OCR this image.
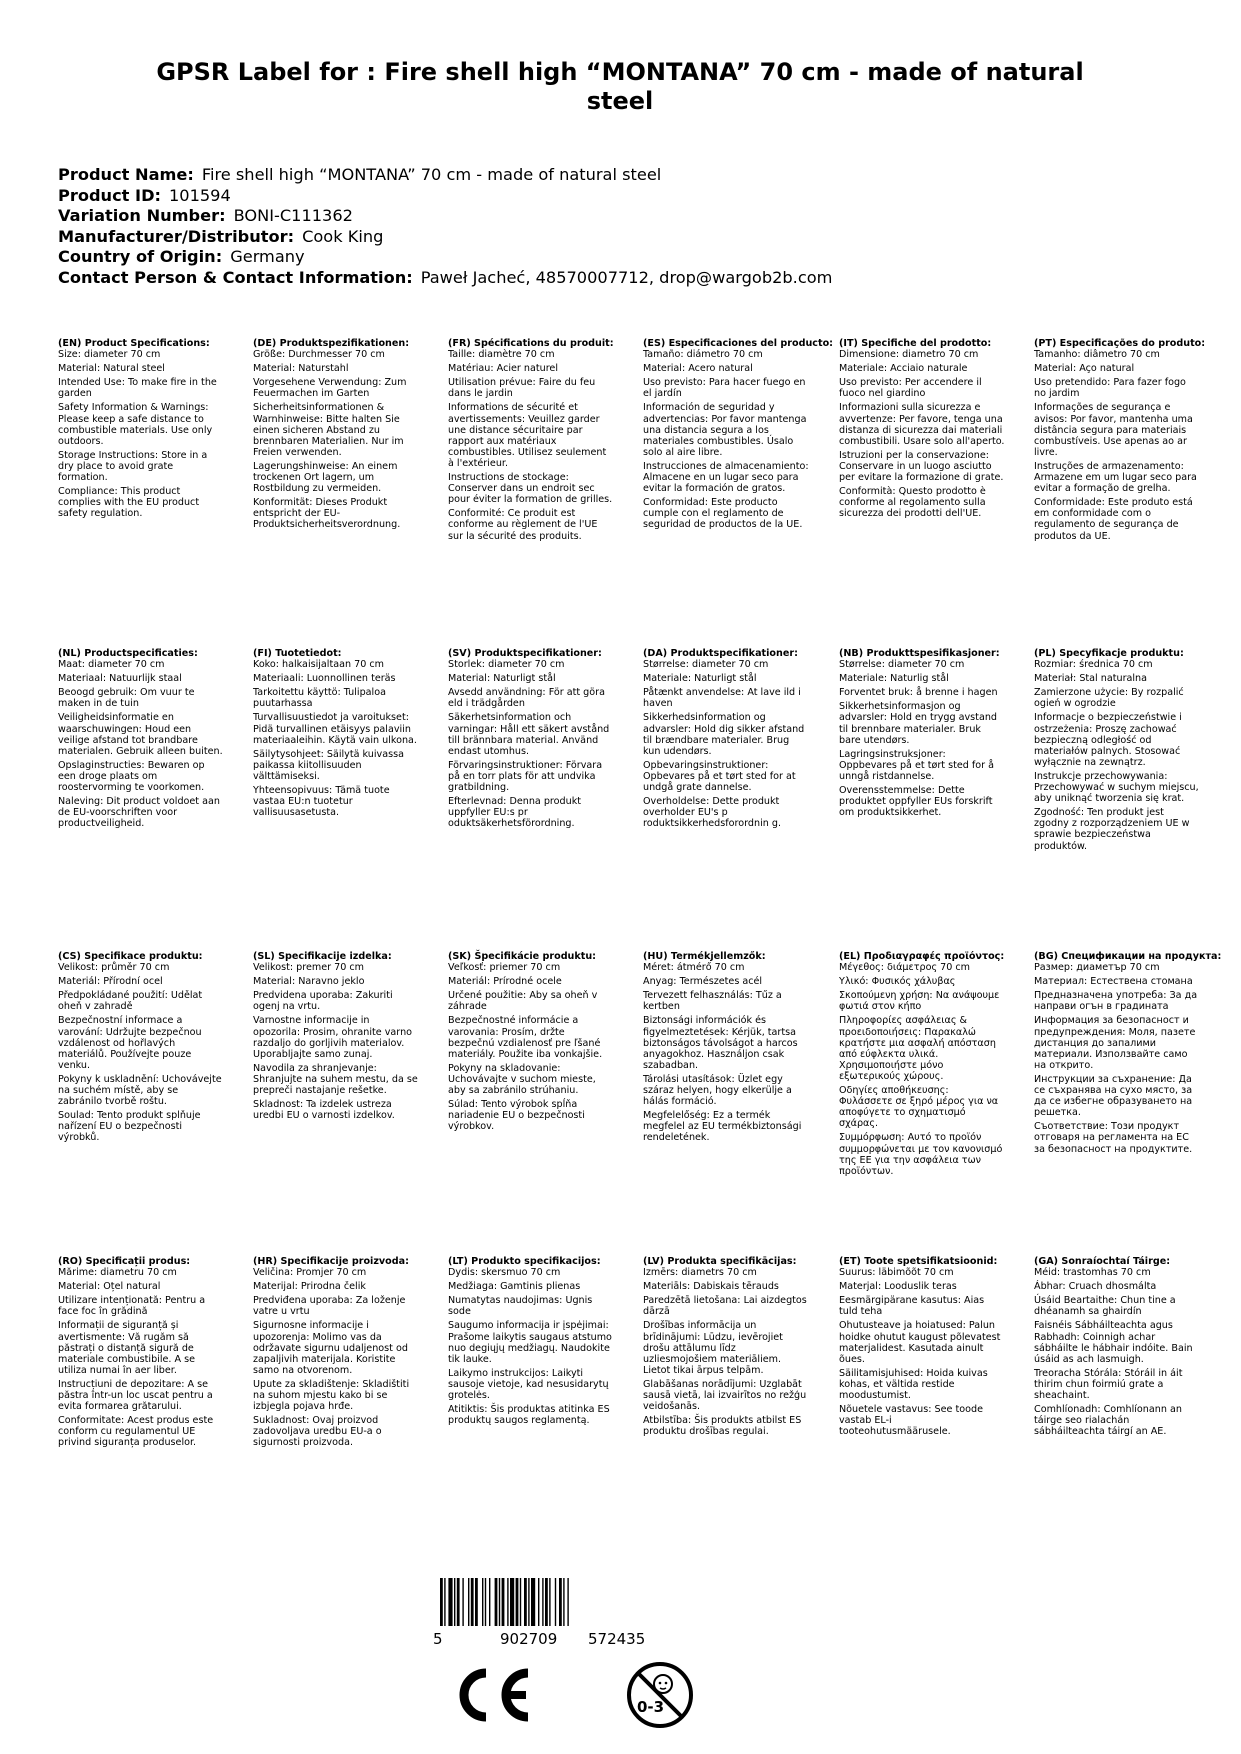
GPSR Label for : Fire shell high “MONTANA” 70 cm - made of natural steel
Product Name: Fire shell high “MONTANA” 70 cm - made of natural steel
Product ID: 101594
Variation Number: BONI-C111362
Manufacturer/Distributor: Cook King
Country of Origin: Germany
Contact Person & Contact Information: Paweł Jacheć, 48570007712, drop@wargob2b.com
(EN) Product Specifications:

Size: diameter 70 cm

Material: Natural steel

Intended Use: To make fire in the garden

Safety Information & Warnings: Please keep a safe distance to combustible materials. Use only outdoors.

Storage Instructions: Store in a dry place to avoid grate formation.

Compliance: This product complies with the EU product safety regulation.

(DE) Produktspezifikationen:

Größe: Durchmesser 70 cm

Material: Naturstahl

Vorgesehene Verwendung: Zum Feuermachen im Garten

Sicherheitsinformationen & Warnhinweise: Bitte halten Sie einen sicheren Abstand zu brennbaren Materialien. Nur im Freien verwenden.

Lagerungshinweise: An einem trockenen Ort lagern, um Rostbildung zu vermeiden.

Konformität: Dieses Produkt entspricht der EU-Produktsicherheitsverordnung.

(FR) Spécifications du produit:

Taille: diamètre 70 cm

Matériau: Acier naturel

Utilisation prévue: Faire du feu dans le jardin

Informations de sécurité et avertissements: Veuillez garder une distance sécuritaire par rapport aux matériaux combustibles. Utilisez seulement à l'extérieur.

Instructions de stockage: Conserver dans un endroit sec pour éviter la formation de grilles.

Conformité: Ce produit est conforme au règlement de l'UE sur la sécurité des produits.

(ES) Especificaciones del producto:

Tamaño: diámetro 70 cm

Material: Acero natural

Uso previsto: Para hacer fuego en el jardín

Información de seguridad y advertencias: Por favor mantenga una distancia segura a los materiales combustibles. Úsalo solo al aire libre.

Instrucciones de almacenamiento: Almacene en un lugar seco para evitar la formación de gratos.

Conformidad: Este producto cumple con el reglamento de seguridad de productos de la UE.

(IT) Specifiche del prodotto:

Dimensione: diametro 70 cm

Materiale: Acciaio naturale

Uso previsto: Per accendere il fuoco nel giardino

Informazioni sulla sicurezza e avvertenze: Per favore, tenga una distanza di sicurezza dai materiali combustibili. Usare solo all'aperto.

Istruzioni per la conservazione: Conservare in un luogo asciutto per evitare la formazione di grate.

Conformità: Questo prodotto è conforme al regolamento sulla sicurezza dei prodotti dell'UE.

(PT) Especificações do produto:

Tamanho: diâmetro 70 cm

Material: Aço natural

Uso pretendido: Para fazer fogo no jardim

Informações de segurança e avisos: Por favor, mantenha uma distância segura para materiais combustíveis. Use apenas ao ar livre.

Instruções de armazenamento: Armazene em um lugar seco para evitar a formação de grelha.

Conformidade: Este produto está em conformidade com o regulamento de segurança de produtos da UE.

(NL) Productspecificaties:

Maat: diameter 70 cm

Materiaal: Natuurlijk staal

Beoogd gebruik: Om vuur te maken in de tuin

Veiligheidsinformatie en waarschuwingen: Houd een veilige afstand tot brandbare materialen. Gebruik alleen buiten.

Opslaginstructies: Bewaren op een droge plaats om roostervorming te voorkomen.

Naleving: Dit product voldoet aan de EU-voorschriften voor productveiligheid.

(FI) Tuotetiedot:

Koko: halkaisijaltaan 70 cm

Materiaali: Luonnollinen teräs

Tarkoitettu käyttö: Tulipaloa puutarhassa

Turvallisuustiedot ja varoitukset: Pidä turvallinen etäisyys palaviin materiaaleihin. Käytä vain ulkona.

Säilytysohjeet: Säilytä kuivassa paikassa kiitollisuuden välttämiseksi.

Yhteensopivuus: Tämä tuote vastaa EU:n tuotetur vallisuusasetusta.

(SV) Produktspecifikationer:

Storlek: diameter 70 cm

Material: Naturligt stål

Avsedd användning: För att göra eld i trädgården

Säkerhetsinformation och varningar: Håll ett säkert avstånd till brännbara material. Använd endast utomhus.

Förvaringsinstruktioner: Förvara på en torr plats för att undvika gratbildning.

Efterlevnad: Denna produkt uppfyller EU:s pr oduktsäkerhetsförordning.

(DA) Produktspecifikationer:

Størrelse: diameter 70 cm

Materiale: Naturligt stål

Påtænkt anvendelse: At lave ild i haven

Sikkerhedsinformation og advarsler: Hold dig sikker afstand til brændbare materialer. Brug kun udendørs.

Opbevaringsinstruktioner: Opbevares på et tørt sted for at undgå grate dannelse.

Overholdelse: Dette produkt overholder EU's p roduktsikkerhedsforordnin g.

(NB) Produkttspesifikasjoner:

Størrelse: diameter 70 cm

Materiale: Naturlig stål

Forventet bruk: å brenne i hagen

Sikkerhetsinformasjon og advarsler: Hold en trygg avstand til brennbare materialer. Bruk bare utendørs.

Lagringsinstruksjoner: Oppbevares på et tørt sted for å unngå ristdannelse.

Overensstemmelse: Dette produktet oppfyller EUs forskrift om produktsikkerhet.

(PL) Specyfikacje produktu:

Rozmiar: średnica 70 cm

Materiał: Stal naturalna

Zamierzone użycie: By rozpalić ogień w ogrodzie

Informacje o bezpieczeństwie i ostrzeżenia: Proszę zachować bezpieczną odległość od materiałów palnych. Stosować wyłącznie na zewnątrz.

Instrukcje przechowywania: Przechowywać w suchym miejscu, aby uniknąć tworzenia się krat.

Zgodność: Ten produkt jest zgodny z rozporządzeniem UE w sprawie bezpieczeństwa produktów.

(CS) Specifikace produktu:

Velikost: průměr 70 cm

Materiál: Přírodní ocel

Předpokládané použití: Udělat oheň v zahradě

Bezpečnostní informace a varování: Udržujte bezpečnou vzdálenost od hořlavých materiálů. Používejte pouze venku.

Pokyny k uskladnění: Uchovávejte na suchém místě, aby se zabránilo tvorbě roštu.

Soulad: Tento produkt splňuje nařízení EU o bezpečnosti výrobků.

(SL) Specifikacije izdelka:

Velikost: premer 70 cm

Material: Naravno jeklo

Predvidena uporaba: Zakuriti ogenj na vrtu.

Varnostne informacije in opozorila: Prosim, ohranite varno razdaljo do gorljivih materialov. Uporabljajte samo zunaj.

Navodila za shranjevanje: Shranjujte na suhem mestu, da se prepreči nastajanje rešetke.

Skladnost: Ta izdelek ustreza uredbi EU o varnosti izdelkov.

(SK) Špecifikácie produktu:

Veľkosť: priemer 70 cm

Materiál: Prírodné ocele

Určené použitie: Aby sa oheň v záhrade

Bezpečnostné informácie a varovania: Prosím, držte bezpečnú vzdialenosť pre ľšané materiály. Použite iba vonkajšie.

Pokyny na skladovanie: Uchovávajte v suchom mieste, aby sa zabránilo strúhaniu.

Súlad: Tento výrobok spĺňa nariadenie EU o bezpečnosti výrobkov.

(HU) Termékjellemzők:

Méret: átmérő 70 cm

Anyag: Természetes acél

Tervezett felhasználás: Tűz a kertben

Biztonsági információk és figyelmeztetések: Kérjük, tartsa biztonságos távolságot a harcos anyagokhoz. Használjon csak szabadban.

Tárolási utasítások: Üzlet egy száraz helyen, hogy elkerülje a hálás formáció.

Megfelelőség: Ez a termék megfelel az EU termékbiztonsági rendeletének.

(EL) Προδιαγραφές προϊόντος:

Μέγεθος: διάμετρος 70 cm

Υλικό: Φυσικός χάλυβας

Σκοπούμενη χρήση: Να ανάψουμε φωτιά στον κήπο

Πληροφορίες ασφάλειας & προειδοποιήσεις: Παρακαλώ κρατήστε μια ασφαλή απόσταση από εύφλεκτα υλικά. Χρησιμοποιήστε μόνο εξωτερικούς χώρους.

Οδηγίες αποθήκευσης: Φυλάσσετε σε ξηρό μέρος για να αποφύγετε το σχηματισμό σχάρας.

Συμμόρφωση: Αυτό το προϊόν συμμορφώνεται με τον κανονισμό της ΕΕ για την ασφάλεια των προϊόντων.

(BG) Спецификации на продукта:

Размер: диаметър 70 cm

Материал: Естествена стомана

Предназначена употреба: За да направи огън в градината

Информация за безопасност и предупреждения: Моля, пазете дистанция до запалими материали. Използвайте само на открито.

Инструкции за съхранение: Да се съхранява на сухо място, за да се избегне образуването на решетка.

Съответствие: Този продукт отговаря на регламента на ЕС за безопасност на продуктите.

(RO) Specificații produs:

Mărime: diametru 70 cm

Material: Oțel natural

Utilizare intenționată: Pentru a face foc în grădină

Informații de siguranță și avertismente: Vă rugăm să păstrați o distanță sigură de materiale combustibile. A se utiliza numai în aer liber.

Instrucțiuni de depozitare: A se păstra într-un loc uscat pentru a evita formarea grătarului.

Conformitate: Acest produs este conform cu regulamentul UE privind siguranța produselor.

(HR) Specifikacije proizvoda:

Veličina: Promjer 70 cm

Materijal: Prirodna čelik

Predviđena uporaba: Za loženje vatre u vrtu

Sigurnosne informacije i upozorenja: Molimo vas da održavate sigurnu udaljenost od zapaljivih materijala. Koristite samo na otvorenom.

Upute za skladištenje: Skladištiti na suhom mjestu kako bi se izbjegla pojava hrđe.

Sukladnost: Ovaj proizvod zadovoljava uredbu EU-a o sigurnosti proizvoda.

(LT) Produkto specifikacijos:

Dydis: skersmuo 70 cm

Medžiaga: Gamtinis plienas

Numatytas naudojimas: Ugnis sode

Saugumo informacija ir įspėjimai: Prašome laikytis saugaus atstumo nuo degiųjų medžiagų. Naudokite tik lauke.

Laikymo instrukcijos: Laikyti sausoje vietoje, kad nesusidarytų grotelės.

Atitiktis: Šis produktas atitinka ES produktų saugos reglamentą.

(LV) Produkta specifikācijas:

Izmērs: diametrs 70 cm

Materiāls: Dabiskais tērauds

Paredzētā lietošana: Lai aizdegtos dārzā

Drošības informācija un brīdinājumi: Lūdzu, ievērojiet drošu attālumu līdz uzliesmojošiem materiāliem. Lietot tikai ārpus telpām.

Glabāšanas norādījumi: Uzglabāt sausā vietā, lai izvairītos no režģu veidošanās.

Atbilstība: Šis produkts atbilst ES produktu drošības regulai.

(ET) Toote spetsifikatsioonid:

Suurus: läbimõõt 70 cm

Materjal: Looduslik teras

Eesmärgipärane kasutus: Aias tuld teha

Ohutusteave ja hoiatused: Palun hoidke ohutut kaugust põlevatest materjalidest. Kasutada ainult õues.

Säilitamisjuhised: Hoida kuivas kohas, et vältida restide moodustumist.

Nõuetele vastavus: See toode vastab EL-i tooteohutusmäärusele.

(GA) Sonraíochtaí Táirge:

Méid: trastomhas 70 cm

Ábhar: Cruach dhosmálta

Úsáid Beartaithe: Chun tine a dhéanamh sa ghairdín

Faisnéis Sábháilteachta agus Rabhadh: Coinnigh achar sábháilte le hábhair indóite. Bain úsáid as ach lasmuigh.

Treoracha Stórála: Stóráil in áit thirim chun foirmiú grate a sheachaint.

Comhlíonadh: Comhlíonann an táirge seo rialachán sábháilteachta táirgí an AE.

5	902709 572435
0-3
